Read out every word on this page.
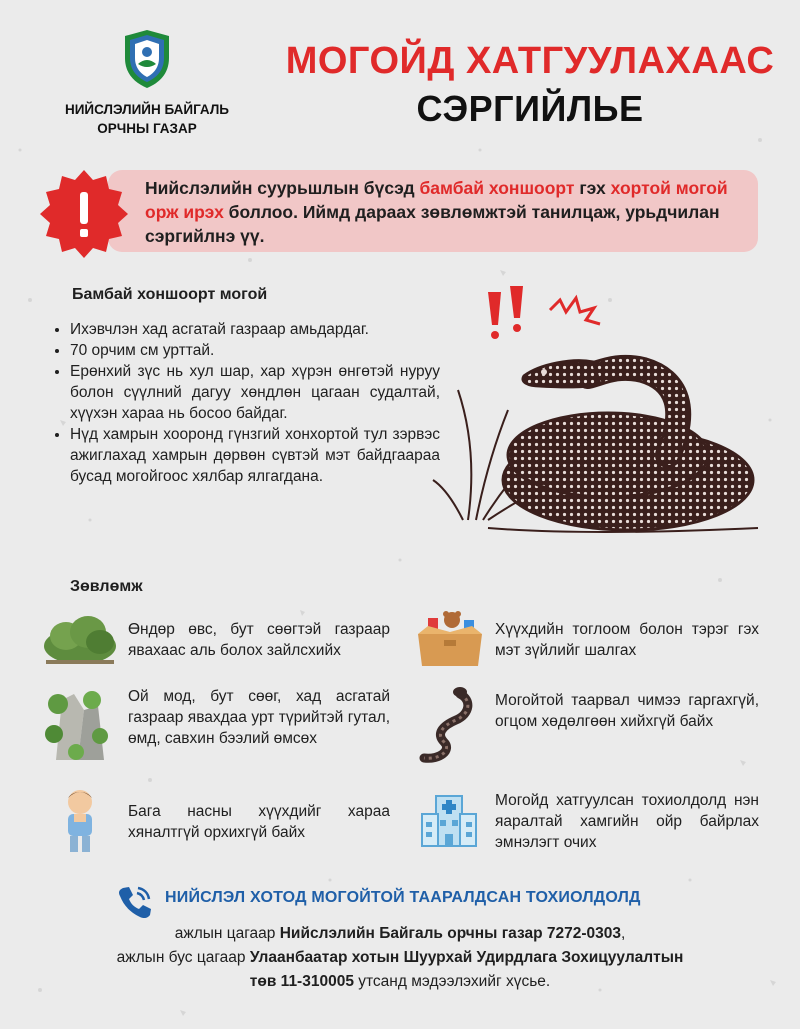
НИЙСЛЭЛИЙН БАЙГАЛЬ
ОРЧНЫ ГАЗАР
МОГОЙД ХАТГУУЛАХААС
СЭРГИЙЛЬЕ
Нийслэлийн суурьшлын бүсэд бамбай хоншоорт гэх хортой могой орж ирэх боллоо. Иймд дараах зөвлөмжтэй танилцаж, урьдчилан сэргийлнэ үү.
Бамбай хоншоорт могой
• Ихэвчлэн хад асгатай газраар амьдардаг.
• 70 орчим см урттай.
• Ерөнхий зүс нь хул шар, хар хүрэн өнгөтэй нуруу болон сүүлний дагуу хөндлөн цагаан судалтай, хүүхэн хараа нь босоо байдаг.
• Нүд хамрын хооронд гүнзгий хонхортой тул зэрвэс ажиглахад хамрын дөрвөн сүвтэй мэт байдгаараа бусад могойгоос хялбар ялгагдана.
Зөвлөмж
Өндөр өвс, бут сөөгтэй газраар явахаас аль болох зайлсхийх
Хүүхдийн тоглоом болон тэрэг гэх мэт зүйлийг шалгах
Ой мод, бут сөөг, хад асгатай газраар явахдаа урт түрийтэй гутал, өмд, савхин бээлий өмсөх
Могойтой таарвал чимээ гаргахгүй, огцом хөдөлгөөн хийхгүй байх
Бага насны хүүхдийг хараа хяналтгүй орхихгүй байх
Могойд хатгуулсан тохиолдолд нэн яаралтай хамгийн ойр байрлах эмнэлэгт очих
НИЙСЛЭЛ ХОТОД МОГОЙТОЙ ТААРАЛДСАН ТОХИОЛДОЛД
ажлын цагаар Нийслэлийн Байгаль орчны газар 7272-0303,
ажлын бус цагаар Улаанбаатар хотын Шуурхай Удирдлага Зохицуулалтын
төв 11-310005 утсанд мэдээлэхийг хүсье.
